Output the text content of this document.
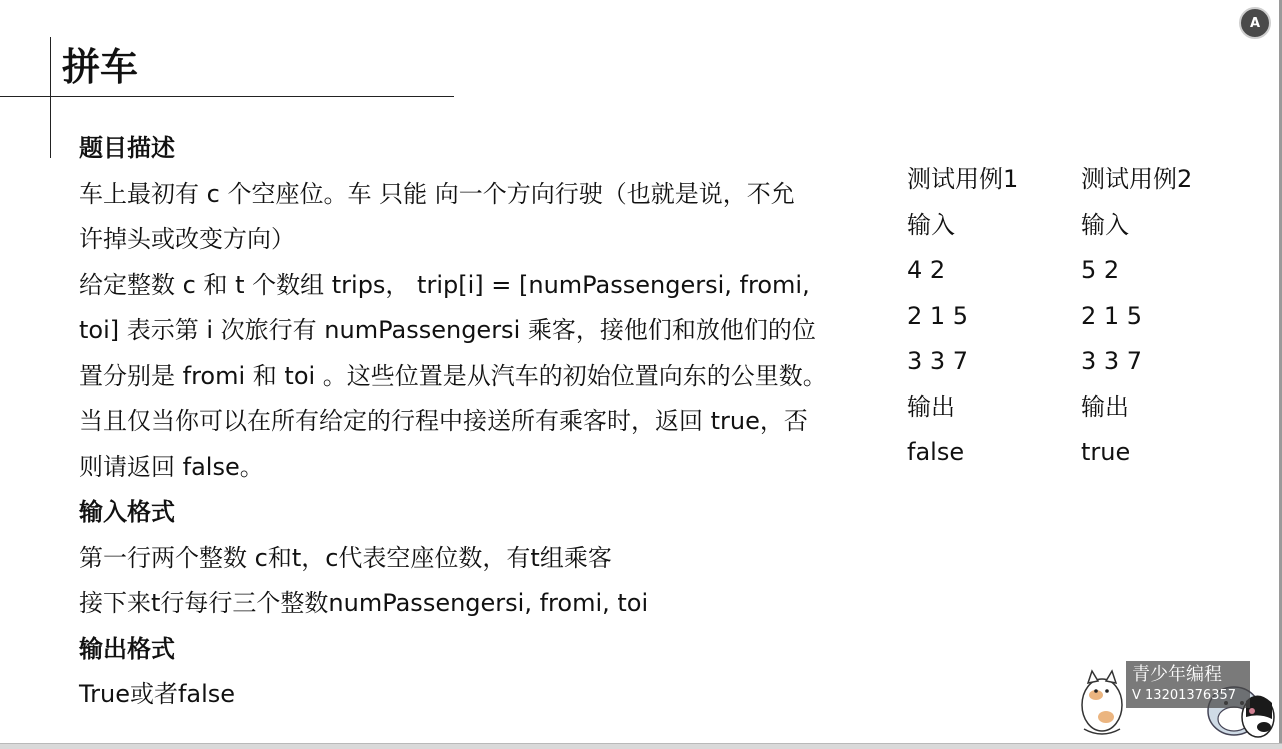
拼车
题目描述
车上最初有 c 个空座位。车 只能 向一个方向行驶（也就是说，不允
许掉头或改变方向）
给定整数 c 和 t 个数组 trips， trip[i] = [numPassengersi, fromi,
toi] 表示第 i 次旅行有 numPassengersi 乘客，接他们和放他们的位
置分别是 fromi 和 toi 。这些位置是从汽车的初始位置向东的公里数。
当且仅当你可以在所有给定的行程中接送所有乘客时，返回 true，否
则请返回 false。
输入格式
第一行两个整数 c和t，c代表空座位数，有t组乘客
接下来t行每行三个整数numPassengersi, fromi, toi
输出格式
True或者false
测试用例1
输入
4 2
2 1 5
3 3 7
输出
false
测试用例2
输入
5 2
2 1 5
3 3 7
输出
true
A
青少年编程
V 13201376357
